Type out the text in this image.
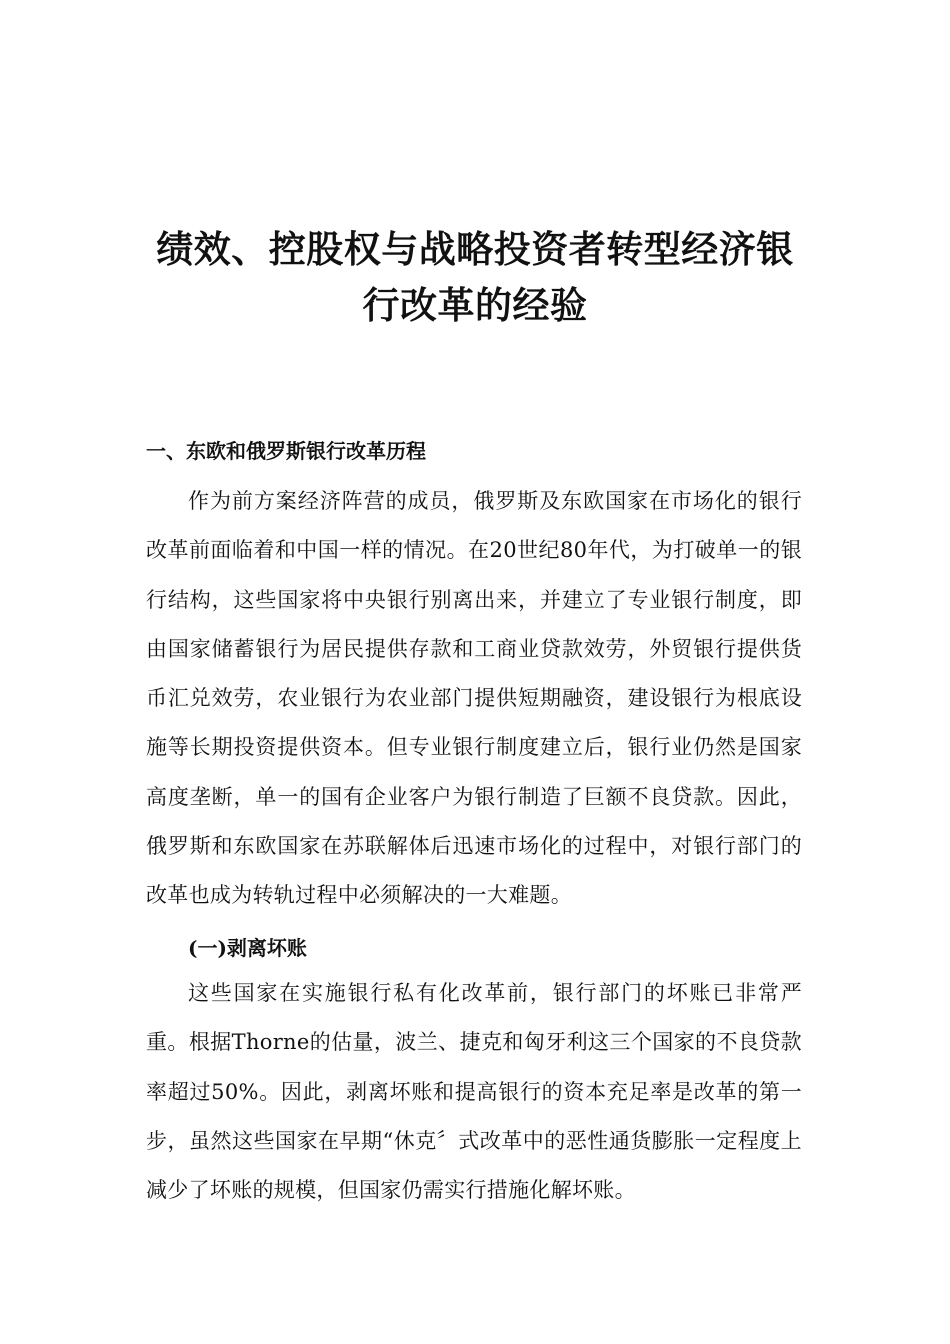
绩效、控股权与战略投资者转型经济银
行改革的经验
一、东欧和俄罗斯银行改革历程

作为前方案经济阵营的成员，俄罗斯及东欧国家在市场化的银行改革前面临着和中国一样的情况。在20世纪80年代，为打破单一的银行结构，这些国家将中央银行别离出来，并建立了专业银行制度，即由国家储蓄银行为居民提供存款和工商业贷款效劳，外贸银行提供货币汇兑效劳，农业银行为农业部门提供短期融资，建设银行为根底设施等长期投资提供资本。但专业银行制度建立后，银行业仍然是国家高度垄断，单一的国有企业客户为银行制造了巨额不良贷款。因此，俄罗斯和东欧国家在苏联解体后迅速市场化的过程中，对银行部门的改革也成为转轨过程中必须解决的一大难题。

(一)剥离坏账

这些国家在实施银行私有化改革前，银行部门的坏账已非常严重。根据Thorne的估量，波兰、捷克和匈牙利这三个国家的不良贷款率超过50%。因此，剥离坏账和提高银行的资本充足率是改革的第一步，虽然这些国家在早期“休克〞式改革中的恶性通货膨胀一定程度上减少了坏账的规模，但国家仍需实行措施化解坏账。
